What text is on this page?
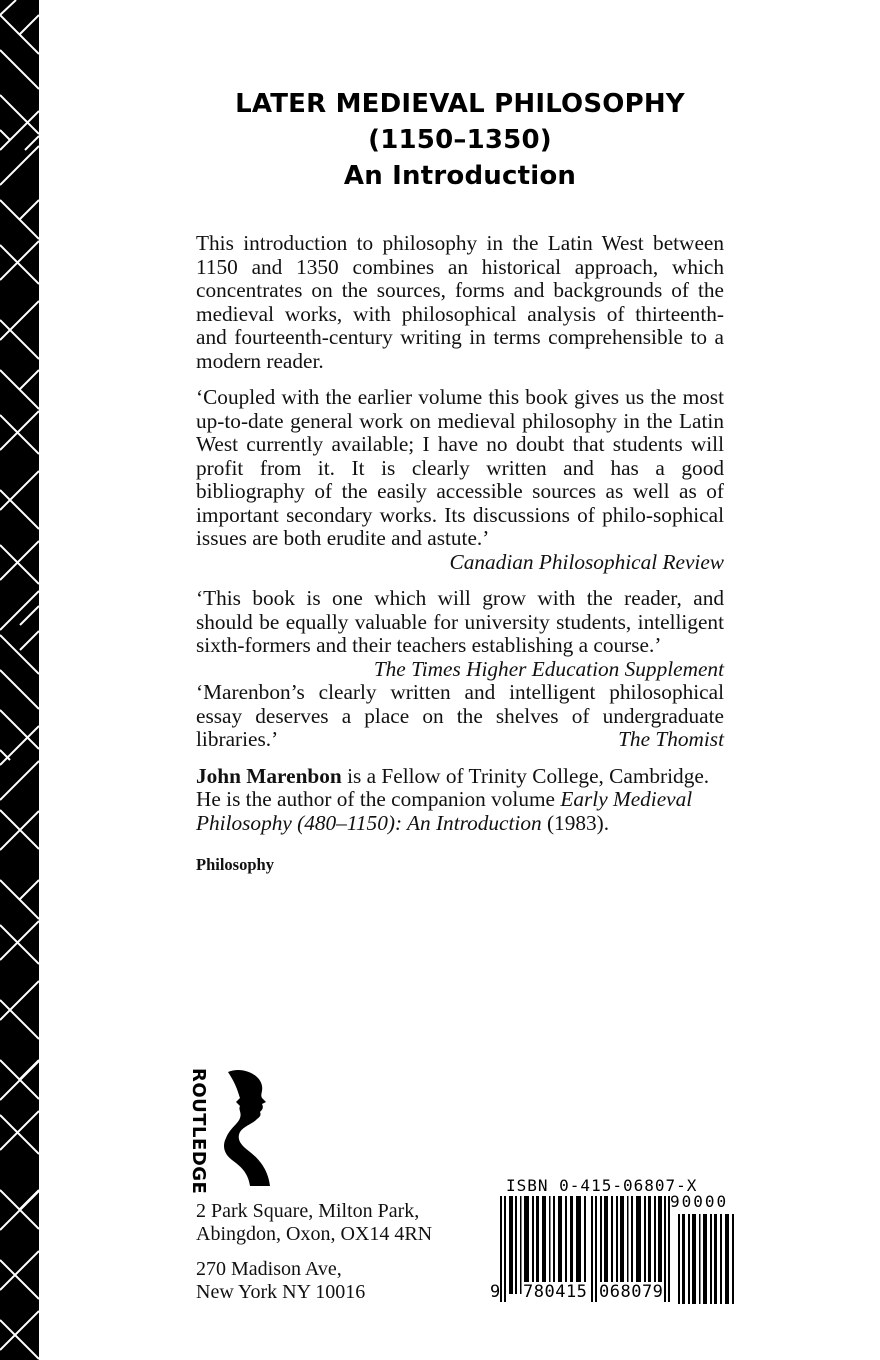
LATER MEDIEVAL PHILOSOPHY
(1150–1350)
An Introduction

This introduction to philosophy in the Latin West between 1150 and 1350 combines an historical approach, which concentrates on the sources, forms and backgrounds of the medieval works, with philosophical analysis of thirteenth- and fourteenth-century writing in terms comprehensible to a modern reader.

‘Coupled with the earlier volume this book gives us the most up-to-date general work on medieval philosophy in the Latin West currently available; I have no doubt that students will profit from it. It is clearly written and has a good bibliography of the easily accessible sources as well as of important secondary works. Its discussions of philo-sophical issues are both erudite and astute.’
Canadian Philosophical Review

‘This book is one which will grow with the reader, and should be equally valuable for university students, intelligent sixth-formers and their teachers establishing a course.’
The Times Higher Education Supplement

‘Marenbon’s clearly written and intelligent philosophical essay deserves a place on the shelves of undergraduate libraries.’	The Thomist

John Marenbon is a Fellow of Trinity College, Cambridge. He is the author of the companion volume Early Medieval Philosophy (480–1150): An Introduction (1983).

Philosophy
ROUTLEDGE

2 Park Square, Milton Park,
Abingdon, Oxon, OX14 4RN

270 Madison Ave,
New York NY 10016

ISBN 0-415-06807-X
90000
9 780415 068079
